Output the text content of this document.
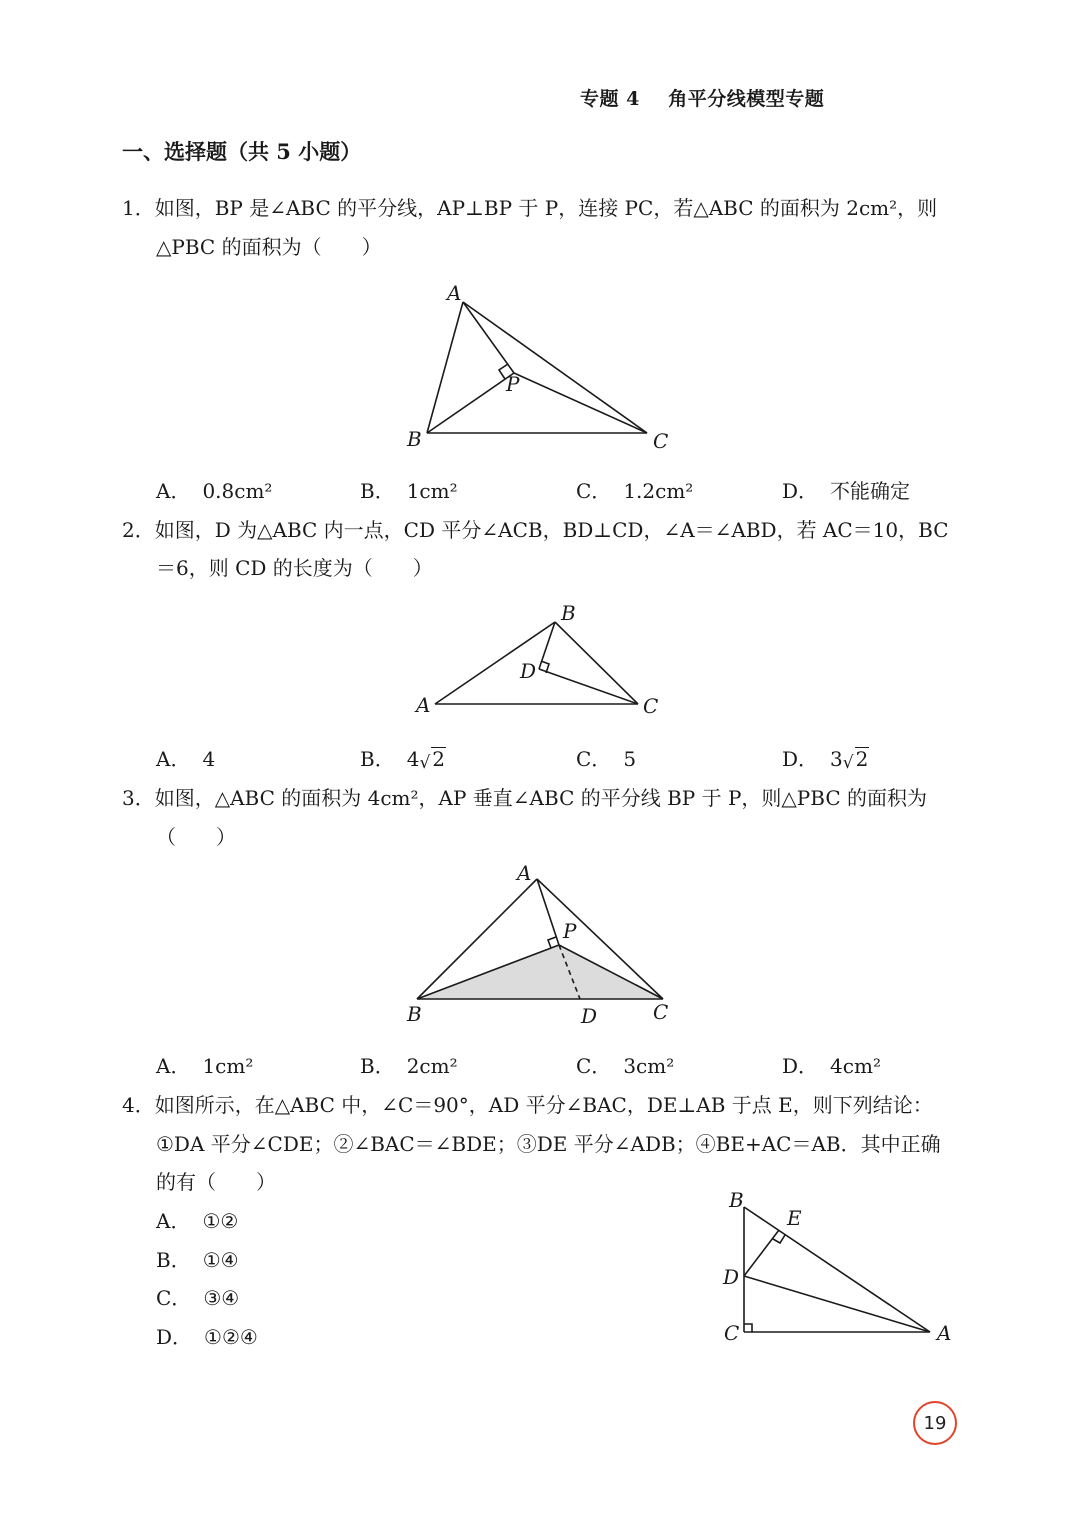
专题 4    角平分线模型专题
一、选择题（共 5 小题）
1．如图，BP 是∠ABC 的平分线，AP⊥BP 于 P，连接 PC，若△ABC 的面积为 2cm²，则
△PBC 的面积为（　　）
A
B	C
P
A． 0.8cm²	B． 1cm²	C． 1.2cm²	D． 不能确定
2．如图，D 为△ABC 内一点，CD 平分∠ACB，BD⊥CD，∠A＝∠ABD，若 AC＝10，BC
＝6，则 CD 的长度为（　　）
A
B
C
D
A． 4	B． 4√ 2	C． 5	D． 3√ 2
3．如图，△ABC 的面积为 4cm²，AP 垂直∠ABC 的平分线 BP 于 P，则△PBC 的面积为
（　　）
A
B	C
D
P
A． 1cm²	B． 2cm²	C． 3cm²	D． 4cm²
4．如图所示，在△ABC 中，∠C＝90°，AD 平分∠BAC，DE⊥AB 于点 E，则下列结论：
①DA 平分∠CDE；②∠BAC＝∠BDE；③DE 平分∠ADB；④BE+AC＝AB．其中正确
的有（　　）
A． ①②
B． ①④
C． ③④
D． ①②④
B
E
D
C	A
19
